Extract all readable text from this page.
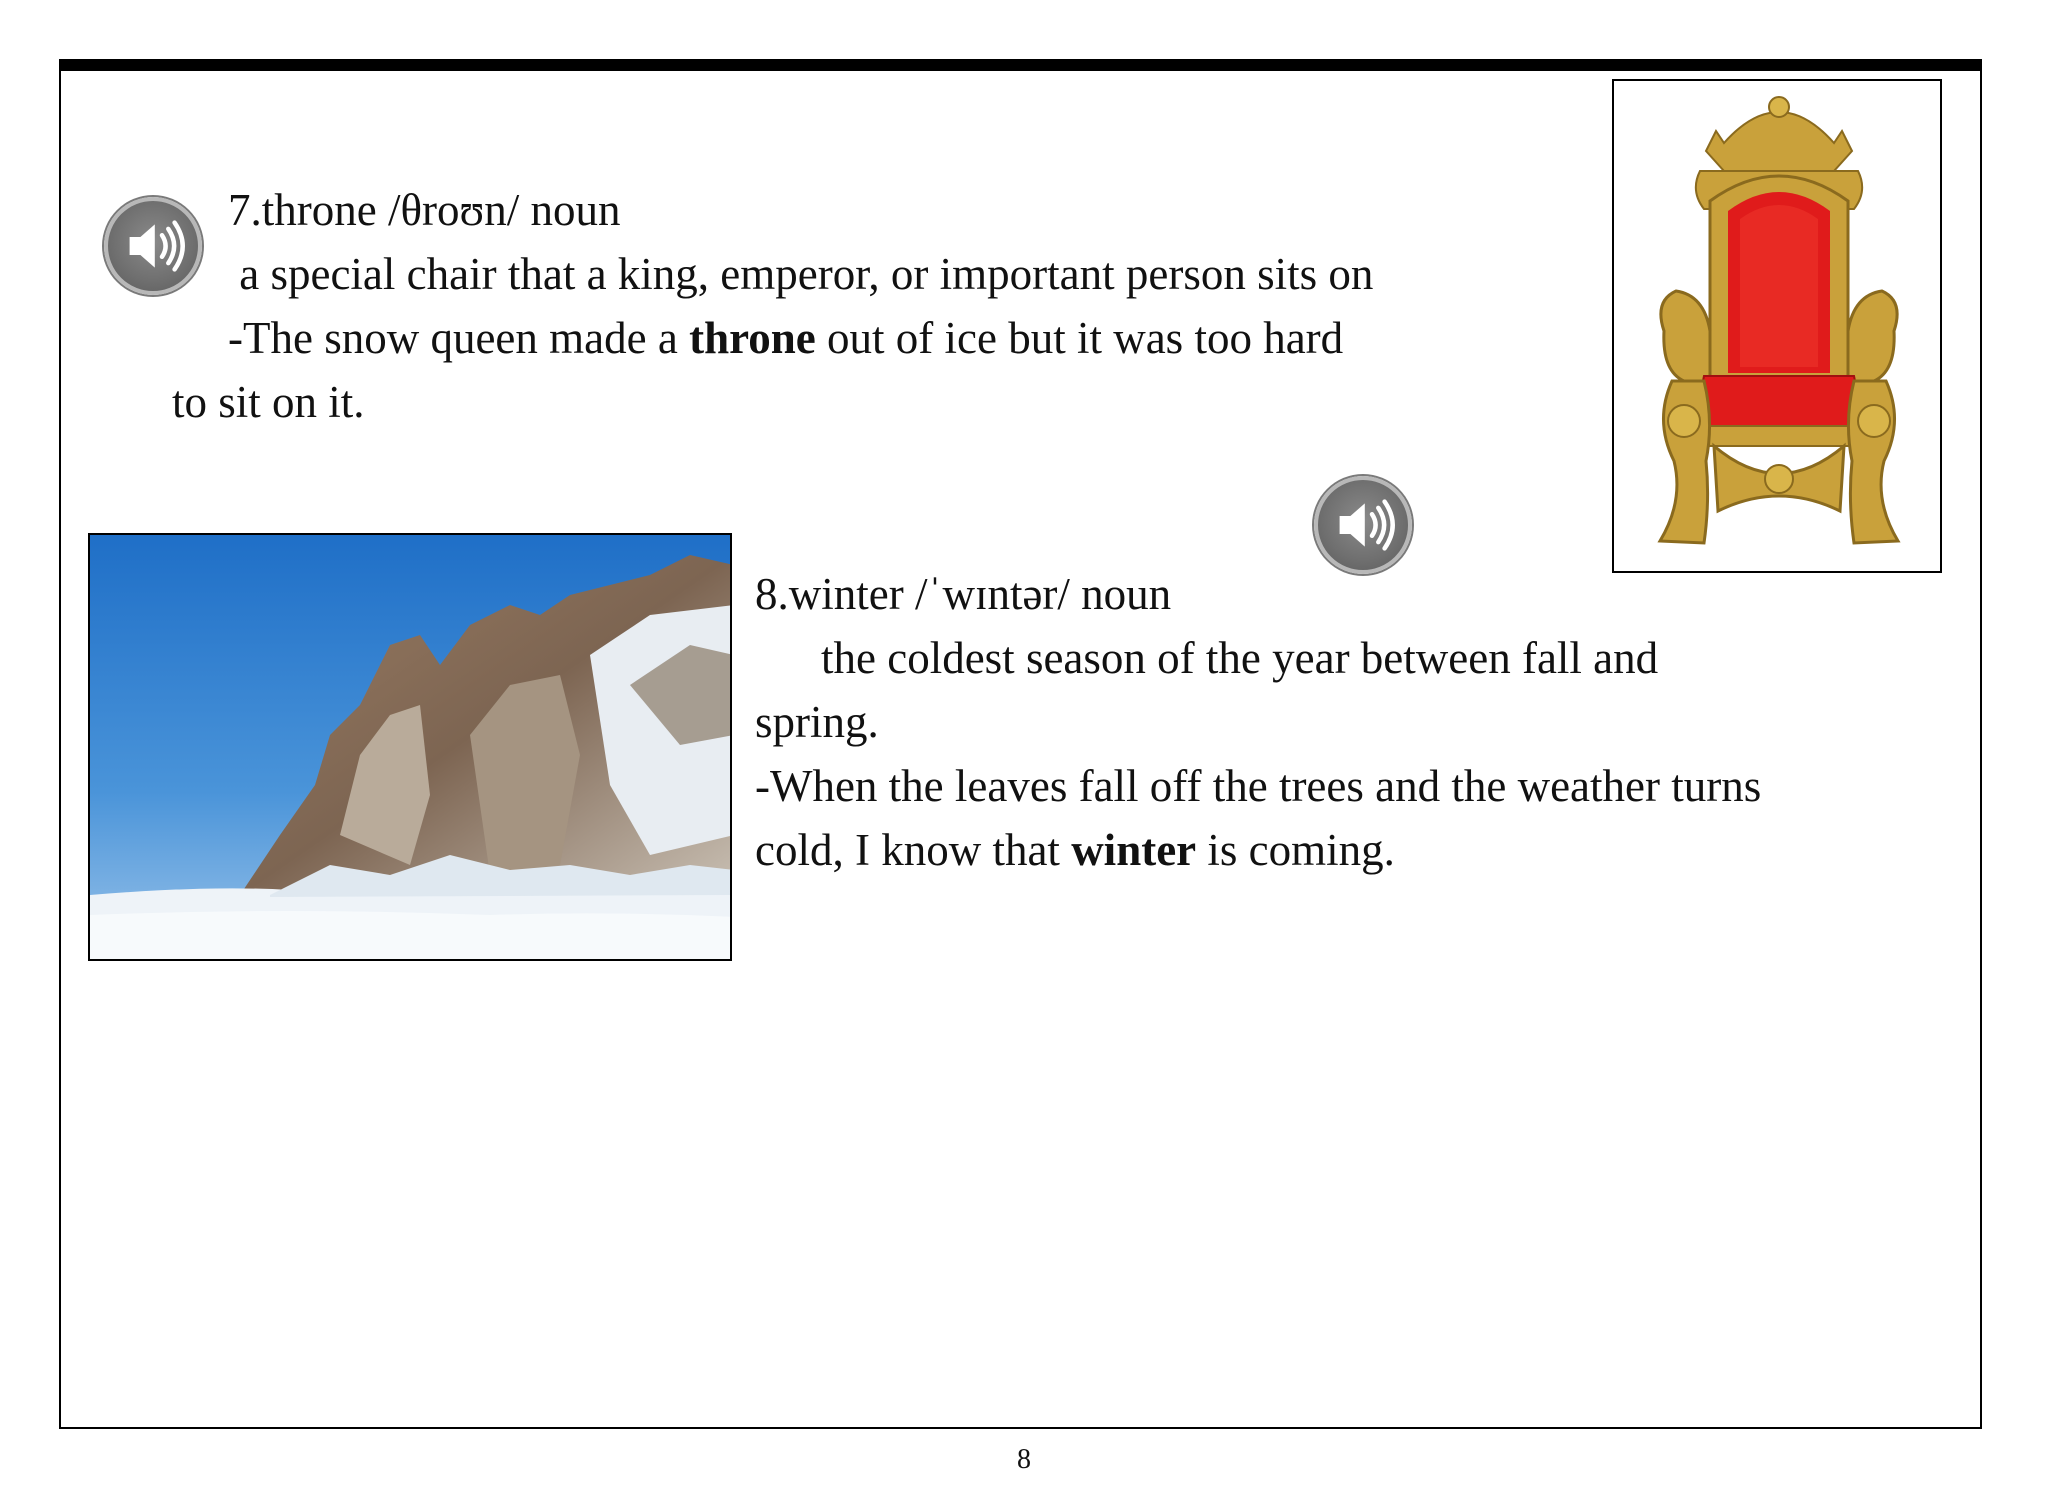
7.throne /θroʊn/ noun
a special chair that a king, emperor, or important person sits on
-The snow queen made a throne out of ice but it was too hard
to sit on it.
8.winter /ˈwɪntər/ noun
the coldest season of the year between fall and
spring.
-When the leaves fall off the trees and the weather turns
cold, I know that winter is coming.
8
